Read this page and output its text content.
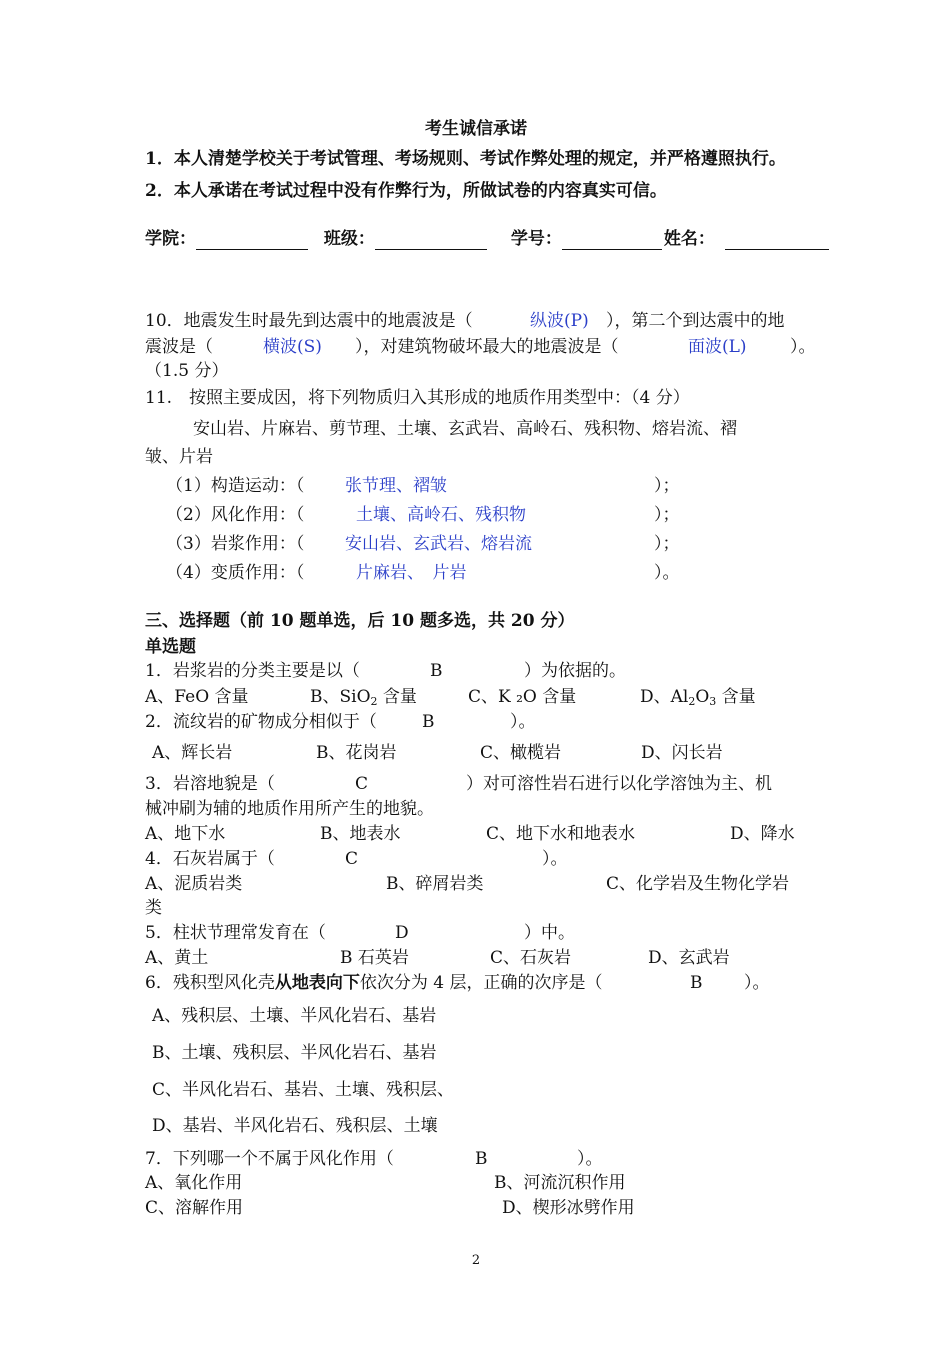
考生诚信承诺
1．本人清楚学校关于考试管理、考场规则、考试作弊处理的规定，并严格遵照执行。
2．本人承诺在考试过程中没有作弊行为，所做试卷的内容真实可信。
学院：	班级：	学号：	姓名：
10．地震发生时最先到达震中的地震波是（	纵波(P) ），第二个到达震中的地
震波是（	横波(S) ），对建筑物破坏最大的地震波是（	面波(L)	）。
（1.5 分）
11.　按照主要成因，将下列物质归入其形成的地质作用类型中：（4 分）
安山岩、片麻岩、剪节理、土壤、玄武岩、高岭石、残积物、熔岩流、褶
皱、片岩
（1）构造运动：（ 张节理、褶皱	）；
（2）风化作用：（	土壤、高岭石、残积物	）；
（3）岩浆作用：（ 安山岩、玄武岩、熔岩流	）；
（4）变质作用：（	片麻岩、　片岩	）。
三、选择题（前 10 题单选，后 10 题多选，共 20 分）
单选题
1．岩浆岩的分类主要是以（	B	）为依据的。
A、FeO 含量	B、SiO$_2$ 含量	C、K ₂O 含量	D、$Al_2O_3$ 含量
2．流纹岩的矿物成分相似于（	B	）。
A、辉长岩	B、花岗岩	C、橄榄岩	D、闪长岩
3．岩溶地貌是（	C	）对可溶性岩石进行以化学溶蚀为主、机
械冲刷为辅的地质作用所产生的地貌。
A、地下水	B、地表水	C、地下水和地表水	D、降水
4．石灰岩属于（	C	）。
A、泥质岩类	B、碎屑岩类	C、化学岩及生物化学岩
类
5．柱状节理常发育在（	D	）中。
A、黄土	B 石英岩	C、石灰岩	D、玄武岩
6．残积型风化壳从地表向下依次分为 4 层，正确的次序是（	B ）。
A、残积层、土壤、半风化岩石、基岩
B、土壤、残积层、半风化岩石、基岩
C、半风化岩石、基岩、土壤、残积层、
D、基岩、半风化岩石、残积层、土壤
7．下列哪一个不属于风化作用（	B	）。
A、氧化作用	B、河流沉积作用
C、溶解作用	D、楔形冰劈作用
2
